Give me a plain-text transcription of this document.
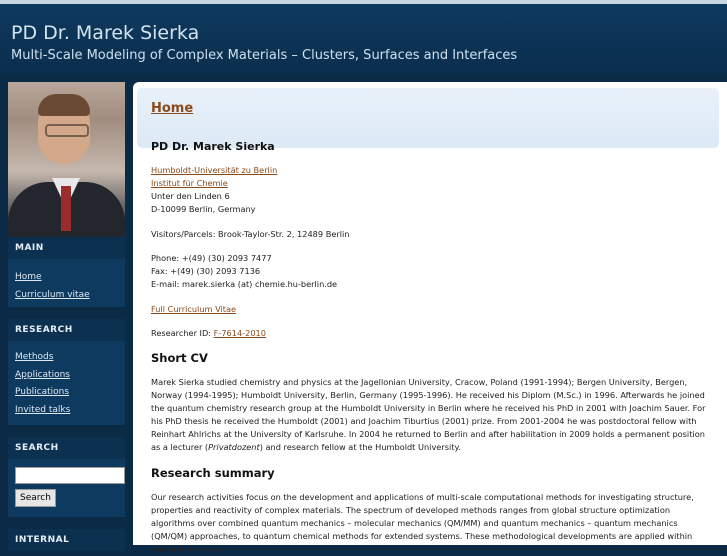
PD Dr. Marek Sierka
Multi-Scale Modeling of Complex Materials – Clusters, Surfaces and Interfaces
MAIN
Home
Curriculum vitae
RESEARCH
Methods
Applications
Publications
Invited talks
SEARCH
Search
INTERNAL
Home
PD Dr. Marek Sierka
Humboldt-Universität zu Berlin
Institut für Chemie
Unter den Linden 6
D-10099 Berlin, Germany
Visitors/Parcels: Brook-Taylor-Str. 2, 12489 Berlin
Phone: +(49) (30) 2093 7477
Fax: +(49) (30) 2093 7136
E-mail: marek.sierka (at) chemie.hu-berlin.de
Full Curriculum Vitae
Researcher ID: F-7614-2010
Short CV
Marek Sierka studied chemistry and physics at the Jagellonian University, Cracow, Poland (1991-1994); Bergen University, Bergen, Norway (1994-1995); Humboldt University, Berlin, Germany (1995-1996). He received his Diplom (M.Sc.) in 1996. Afterwards he joined the quantum chemistry research group at the Humboldt University in Berlin where he received his PhD in 2001 with Joachim Sauer. For his PhD thesis he received the Humboldt (2001) and Joachim Tiburtius (2001) prize. From 2001-2004 he was postdoctoral fellow with Reinhart Ahlrichs at the University of Karlsruhe. In 2004 he returned to Berlin and after habilitation in 2009 holds a permanent position as a lecturer (Privatdozent) and research fellow at the Humboldt University.
Research summary
Our research activities focus on the development and applications of multi-scale computational methods for investigating structure, properties and reactivity of complex materials. The spectrum of developed methods ranges from global structure optimization algorithms over combined quantum mechanics – molecular mechanics (QM/MM) and quantum mechanics – quantum mechanics (QM/QM) approaches, to quantum chemical methods for extended systems. These methodological developments are applied within research projects
